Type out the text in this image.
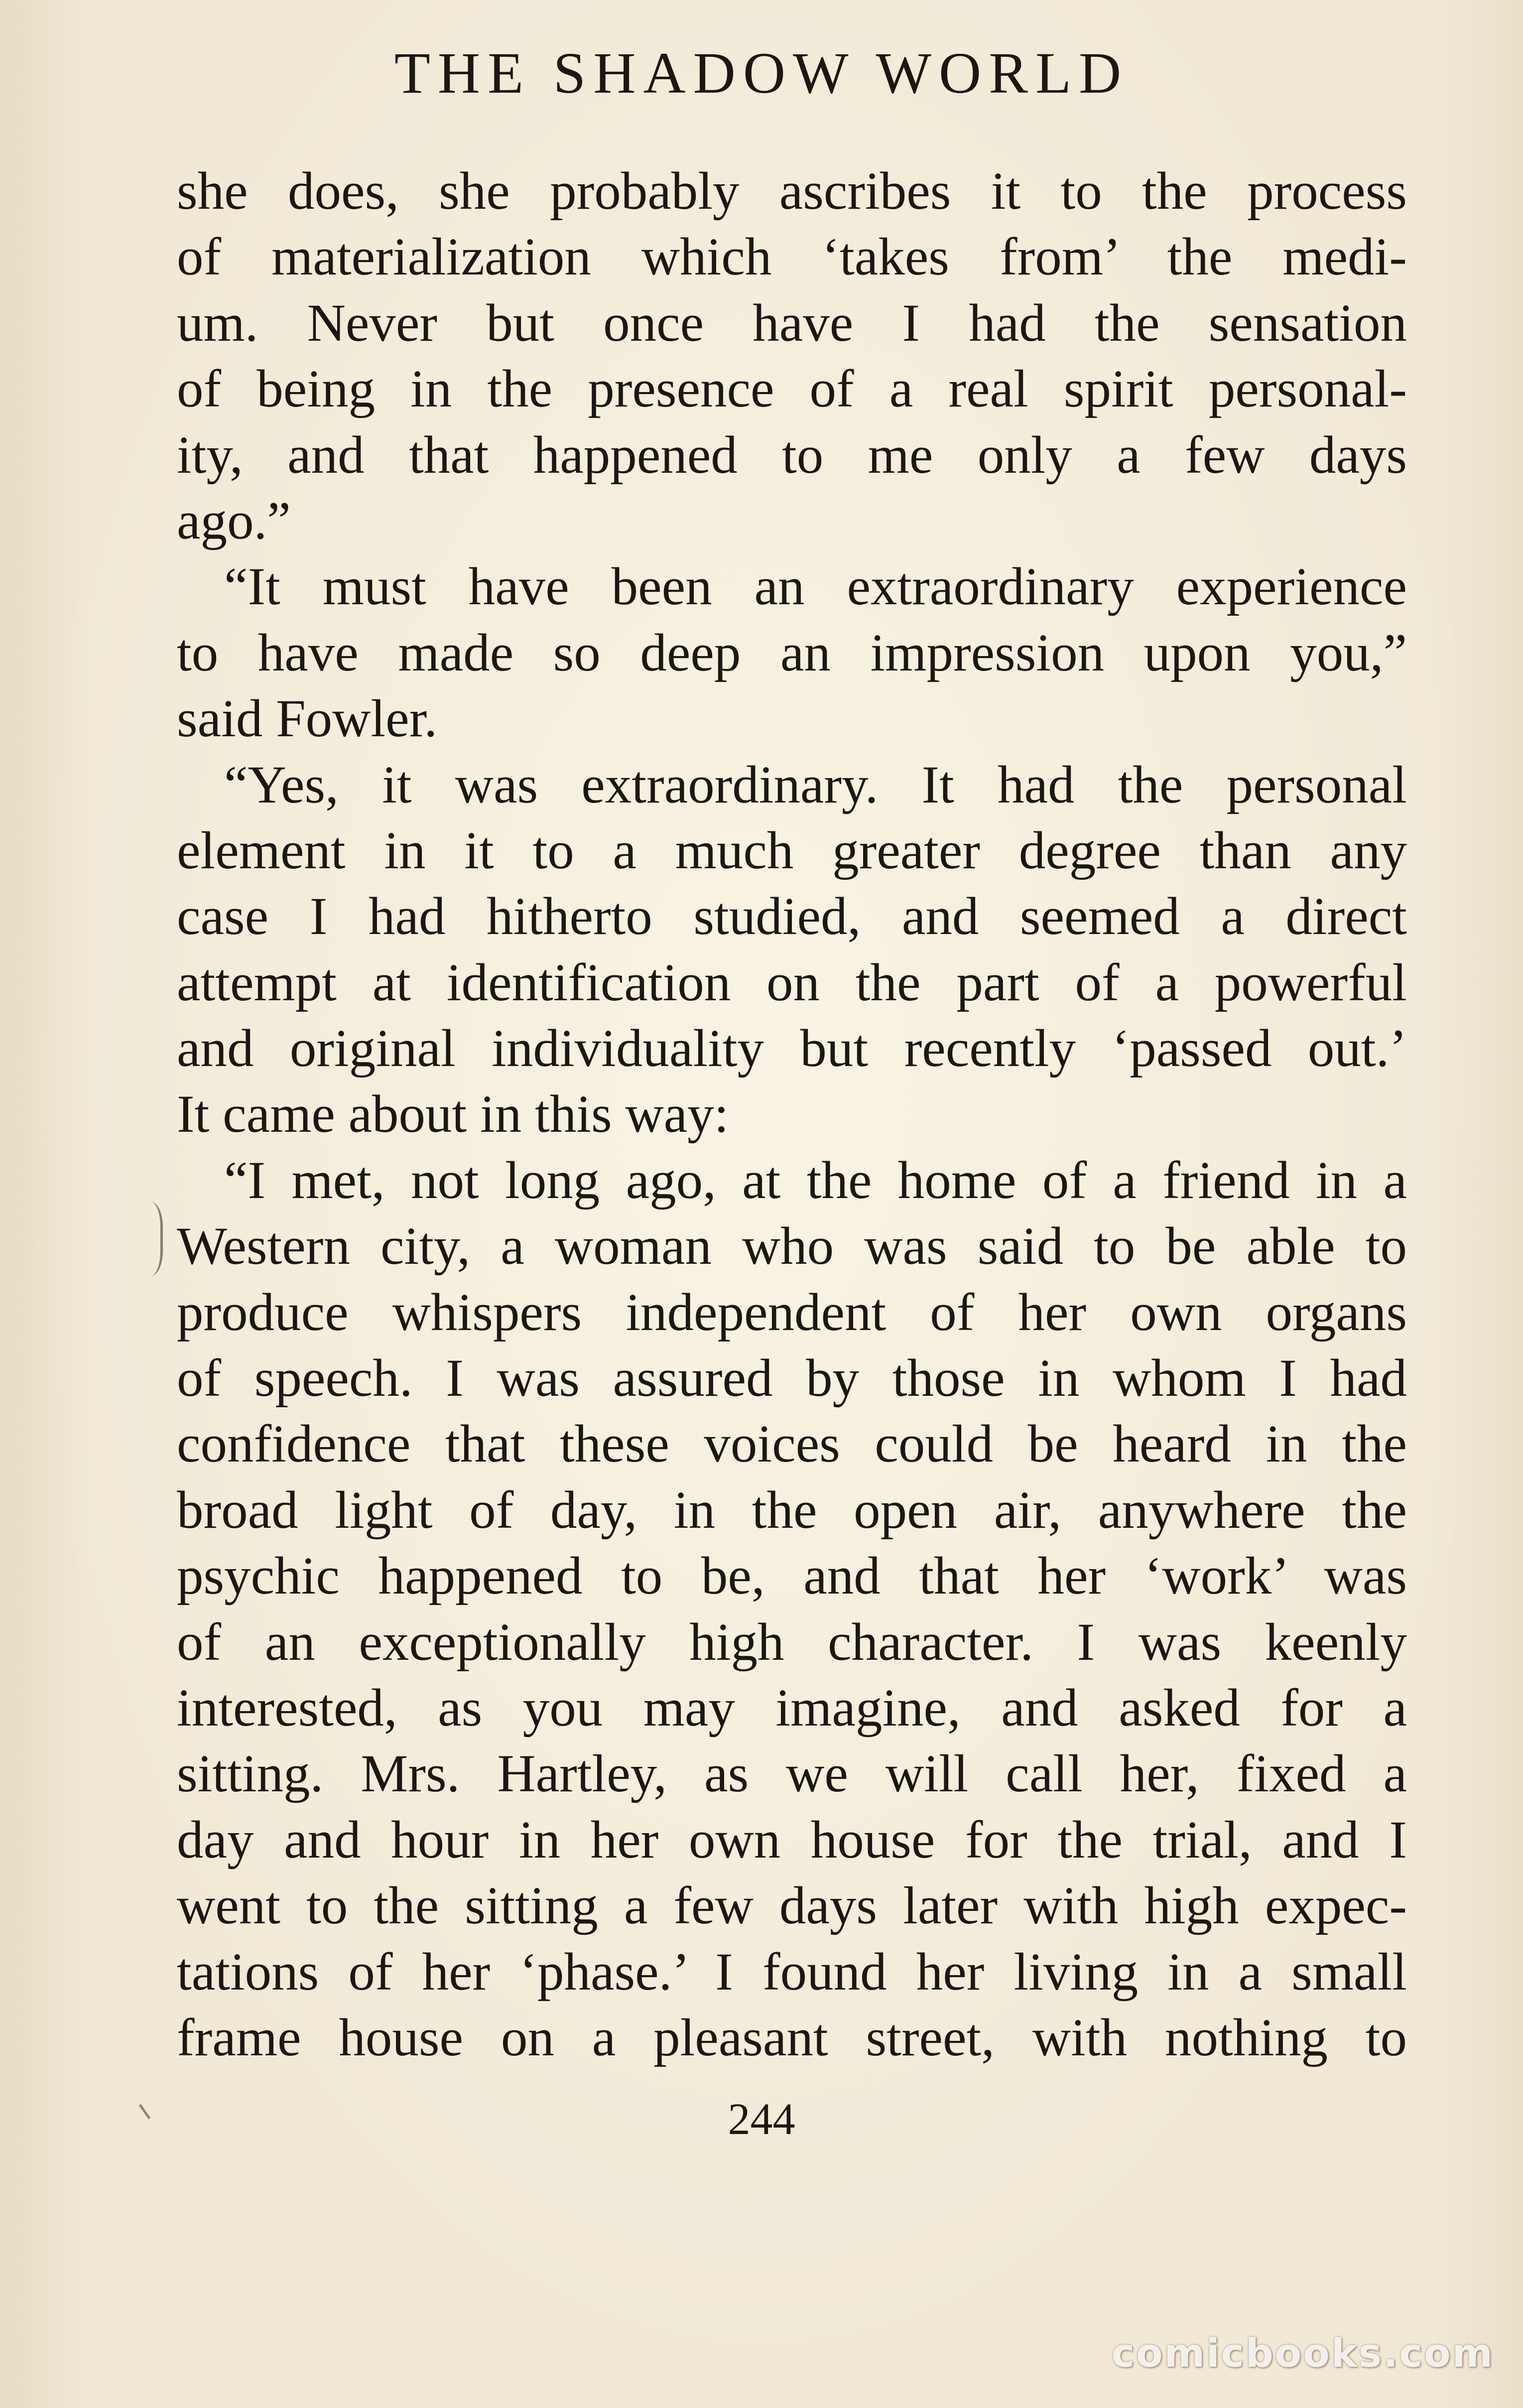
THE SHADOW WORLD
she does, she probably ascribes it to the process
of materialization which ‘takes from’ the medi-
um. Never but once have I had the sensation
of being in the presence of a real spirit personal-
ity, and that happened to me only a few days
ago.”
“It must have been an extraordinary experience
to have made so deep an impression upon you,”
said Fowler.
“Yes, it was extraordinary. It had the personal
element in it to a much greater degree than any
case I had hitherto studied, and seemed a direct
attempt at identification on the part of a powerful
and original individuality but recently ‘passed out.’
It came about in this way:
“I met, not long ago, at the home of a friend in a
Western city, a woman who was said to be able to
produce whispers independent of her own organs
of speech. I was assured by those in whom I had
confidence that these voices could be heard in the
broad light of day, in the open air, anywhere the
psychic happened to be, and that her ‘work’ was
of an exceptionally high character. I was keenly
interested, as you may imagine, and asked for a
sitting. Mrs. Hartley, as we will call her, fixed a
day and hour in her own house for the trial, and I
went to the sitting a few days later with high expec-
tations of her ‘phase.’ I found her living in a small
frame house on a pleasant street, with nothing to
244
comicbooks.com
